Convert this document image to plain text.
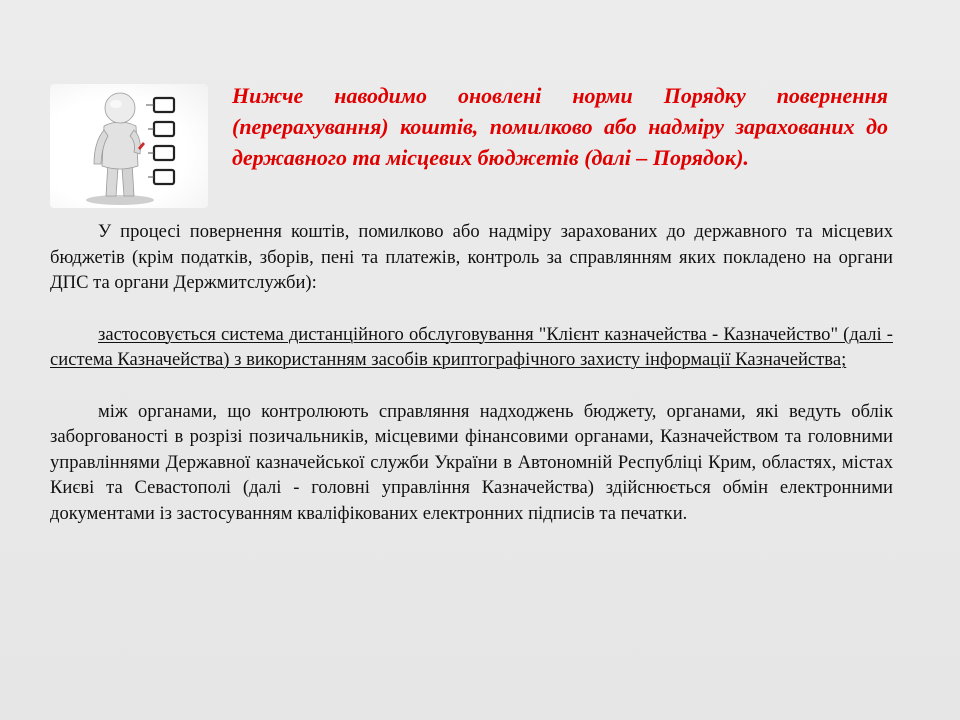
Нижче наводимо оновлені норми Порядку повернення (перерахування) коштів, помилково або надміру зарахованих до державного та місцевих бюджетів (далі – Порядок).

У процесі повернення коштів, помилково або надміру зарахованих до державного та місцевих бюджетів (крім податків, зборів, пені та платежів, контроль за справлянням яких покладено на органи ДПС та органи Держмитслужби):

застосовується система дистанційного обслуговування "Клієнт казначейства - Казначейство" (далі - система Казначейства) з використанням засобів криптографічного захисту інформації Казначейства;

між органами, що контролюють справляння надходжень бюджету, органами, які ведуть облік заборгованості в розрізі позичальників, місцевими фінансовими органами, Казначейством та головними управліннями Державної казначейської служби України в Автономній Республіці Крим, областях, містах Києві та Севастополі (далі - головні управління Казначейства) здійснюється обмін електронними документами із застосуванням кваліфікованих електронних підписів та печатки.
